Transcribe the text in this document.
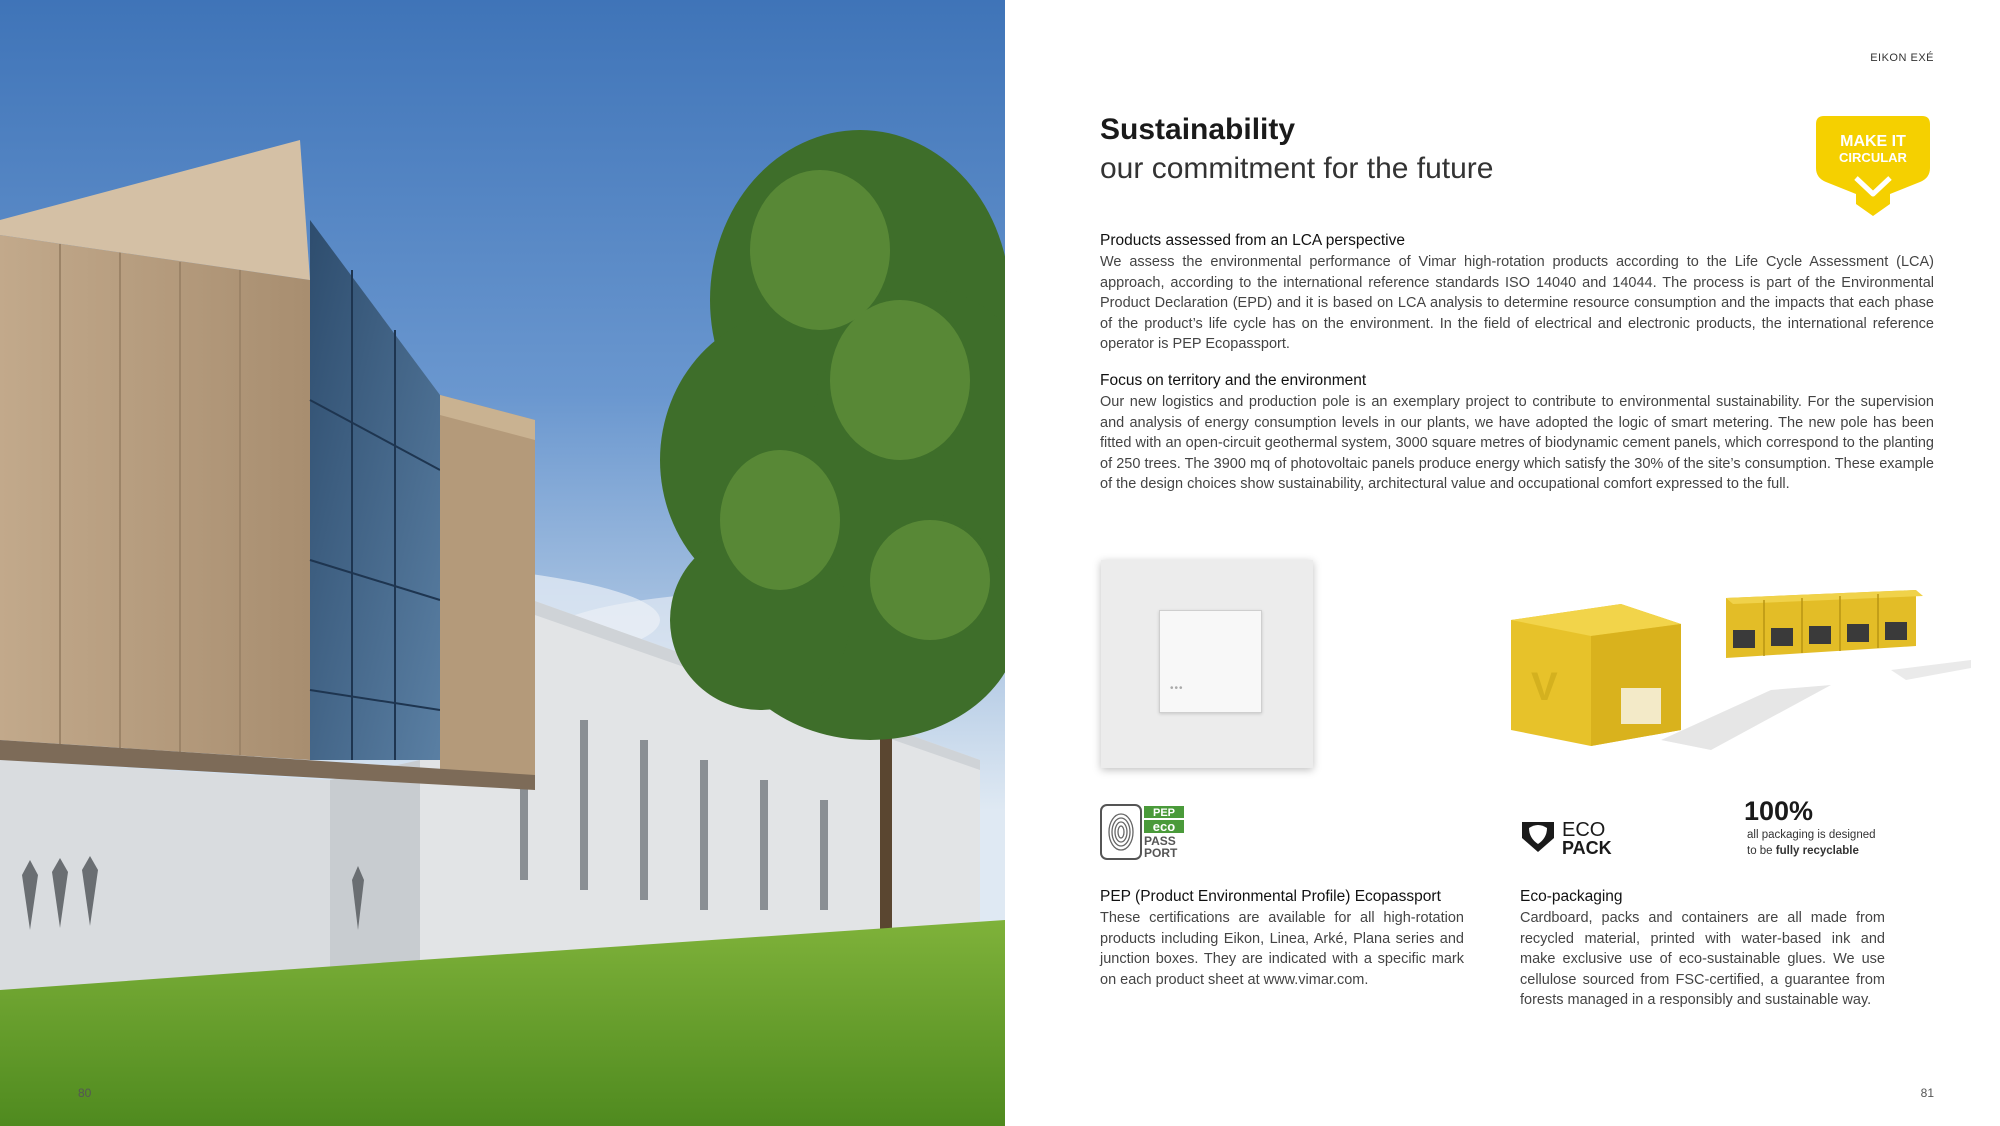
80
EIKON EXÉ
Sustainability
our commitment for the future
MAKE IT
CIRCULAR
Products assessed from an LCA perspective

We assess the environmental performance of Vimar high-rotation products according to the Life Cycle Assessment (LCA) approach, according to the international reference standards ISO 14040 and 14044. The process is part of the Environmental Product Declaration (EPD) and it is based on LCA analysis to determine resource consumption and the impacts that each phase of the product’s life cycle has on the environment. In the field of electrical and electronic products, the international reference operator is PEP Ecopassport.

Focus on territory and the environment

Our new logistics and production pole is an exemplary project to contribute to environmental sustainability. For the supervision and analysis of energy consumption levels in our plants, we have adopted the logic of smart metering. The new pole has been fitted with an open-circuit geothermal system, 3000 square metres of biodynamic cement panels, which correspond to the planting of 250 trees. The 3900 mq of photovoltaic panels produce energy which satisfy the 30% of the site’s consumption. These example of the design choices show sustainability, architectural value and occupational comfort expressed to the full.

•••	V
PEP
eco
PASS
PORT
ECO
PACK
100%
all packaging is designed
to be fully recyclable
PEP (Product Environmental Profile) Ecopassport

These certifications are available for all high-rotation products including Eikon, Linea, Arké, Plana series and junction boxes. They are indicated with a specific mark on each product sheet at www.vimar.com.

Eco-packaging

Cardboard, packs and containers are all made from recycled material, printed with water-based ink and make exclusive use of eco-sustainable glues. We use cellulose sourced from FSC-certified, a guarantee from forests managed in a responsibly and sustainable way.

81
